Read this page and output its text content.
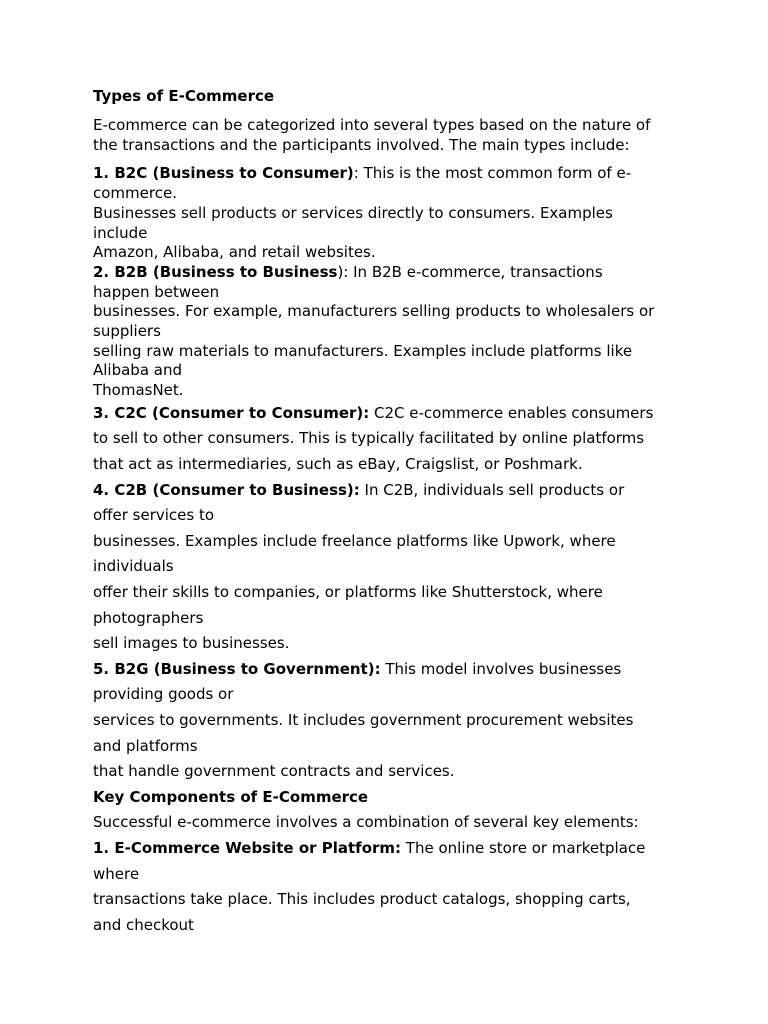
Types of E-Commerce
E-commerce can be categorized into several types based on the nature of
the transactions and the participants involved. The main types include:
1. B2C (Business to Consumer): This is the most common form of e-
commerce.
Businesses sell products or services directly to consumers. Examples
include
Amazon, Alibaba, and retail websites.
2. B2B (Business to Business): In B2B e-commerce, transactions
happen between
businesses. For example, manufacturers selling products to wholesalers or
suppliers
selling raw materials to manufacturers. Examples include platforms like
Alibaba and
ThomasNet.
3. C2C (Consumer to Consumer): C2C e-commerce enables consumers
to sell to other consumers. This is typically facilitated by online platforms
that act as intermediaries, such as eBay, Craigslist, or Poshmark.
4. C2B (Consumer to Business): In C2B, individuals sell products or
offer services to
businesses. Examples include freelance platforms like Upwork, where
individuals
offer their skills to companies, or platforms like Shutterstock, where
photographers
sell images to businesses.
5. B2G (Business to Government): This model involves businesses
providing goods or
services to governments. It includes government procurement websites
and platforms
that handle government contracts and services.
Key Components of E-Commerce
Successful e-commerce involves a combination of several key elements:
1. E-Commerce Website or Platform: The online store or marketplace
where
transactions take place. This includes product catalogs, shopping carts,
and checkout
